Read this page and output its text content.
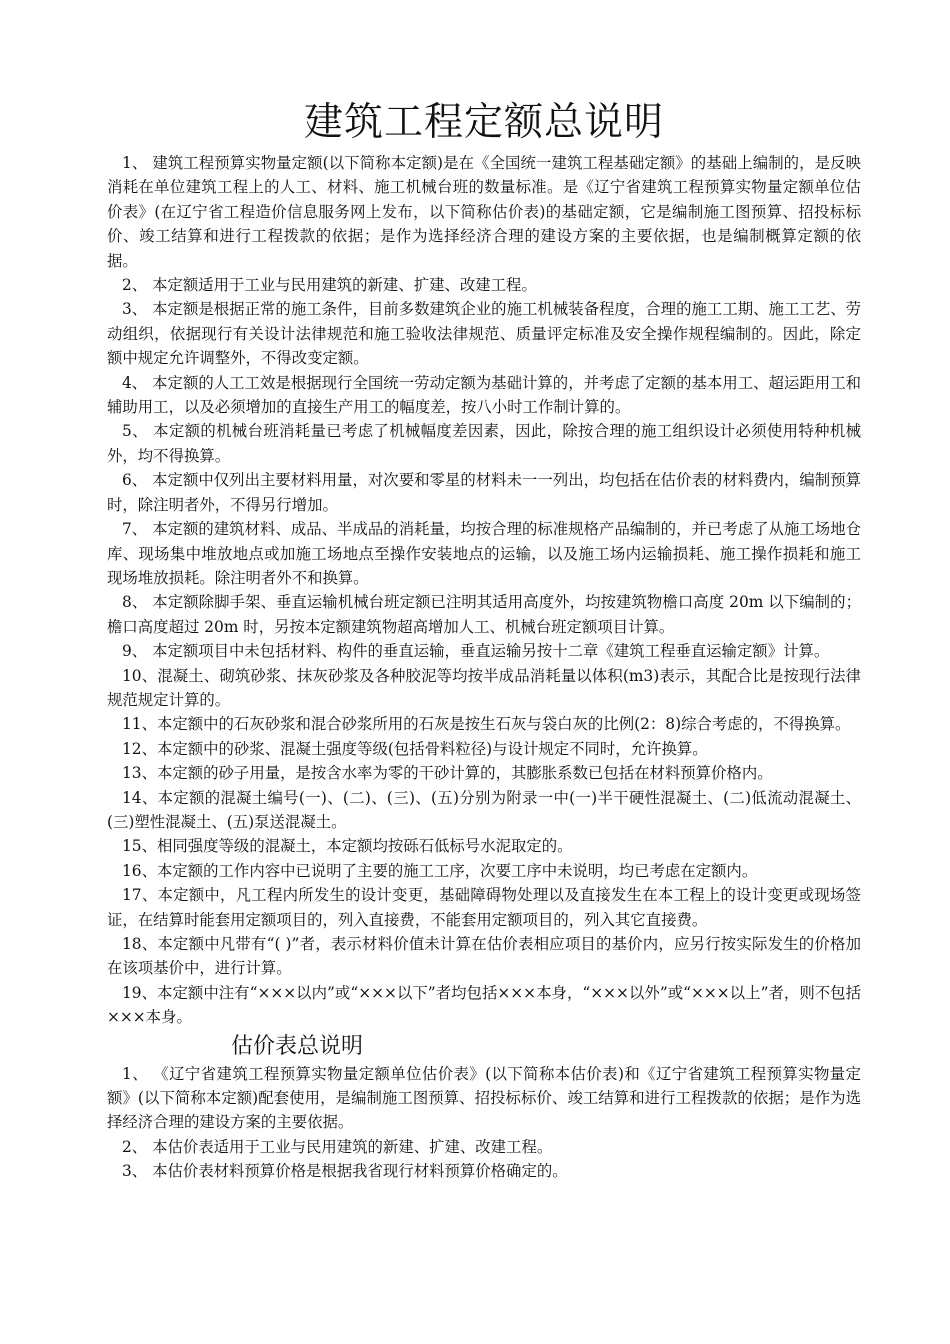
建筑工程定额总说明

1、 建筑工程预算实物量定额(以下简称本定额)是在《全国统一建筑工程基础定额》的基础上编制的，是反映消耗在单位建筑工程上的人工、材料、施工机械台班的数量标准。是《辽宁省建筑工程预算实物量定额单位估价表》(在辽宁省工程造价信息服务网上发布，以下简称估价表)的基础定额，它是编制施工图预算、招投标标价、竣工结算和进行工程拨款的依据；是作为选择经济合理的建设方案的主要依据，也是编制概算定额的依据。

2、 本定额适用于工业与民用建筑的新建、扩建、改建工程。

3、 本定额是根据正常的施工条件，目前多数建筑企业的施工机械装备程度，合理的施工工期、施工工艺、劳动组织，依据现行有关设计法律规范和施工验收法律规范、质量评定标准及安全操作规程编制的。因此，除定额中规定允许调整外，不得改变定额。

4、 本定额的人工工效是根据现行全国统一劳动定额为基础计算的，并考虑了定额的基本用工、超运距用工和辅助用工，以及必须增加的直接生产用工的幅度差，按八小时工作制计算的。

5、 本定额的机械台班消耗量已考虑了机械幅度差因素，因此，除按合理的施工组织设计必须使用特种机械外，均不得换算。

6、 本定额中仅列出主要材料用量，对次要和零星的材料未一一列出，均包括在估价表的材料费内，编制预算时，除注明者外，不得另行增加。

7、 本定额的建筑材料、成品、半成品的消耗量，均按合理的标准规格产品编制的，并已考虑了从施工场地仓库、现场集中堆放地点或加施工场地点至操作安装地点的运输，以及施工场内运输损耗、施工操作损耗和施工现场堆放损耗。除注明者外不和换算。

8、 本定额除脚手架、垂直运输机械台班定额已注明其适用高度外，均按建筑物檐口高度 20m 以下编制的；檐口高度超过 20m 时，另按本定额建筑物超高增加人工、机械台班定额项目计算。

9、 本定额项目中未包括材料、构件的垂直运输，垂直运输另按十二章《建筑工程垂直运输定额》计算。

10、混凝土、砌筑砂浆、抹灰砂浆及各种胶泥等均按半成品消耗量以体积(m3)表示，其配合比是按现行法律规范规定计算的。

11、本定额中的石灰砂浆和混合砂浆所用的石灰是按生石灰与袋白灰的比例(2：8)综合考虑的，不得换算。

12、本定额中的砂浆、混凝土强度等级(包括骨料粒径)与设计规定不同时，允许换算。

13、本定额的砂子用量，是按含水率为零的干砂计算的，其膨胀系数已包括在材料预算价格内。

14、本定额的混凝土编号(一)、(二)、(三)、(五)分别为附录一中(一)半干硬性混凝土、(二)低流动混凝土、(三)塑性混凝土、(五)泵送混凝土。

15、相同强度等级的混凝土，本定额均按砾石低标号水泥取定的。

16、本定额的工作内容中已说明了主要的施工工序，次要工序中未说明，均已考虑在定额内。

17、本定额中，凡工程内所发生的设计变更，基础障碍物处理以及直接发生在本工程上的设计变更或现场签证，在结算时能套用定额项目的，列入直接费，不能套用定额项目的，列入其它直接费。

18、本定额中凡带有“( )”者，表示材料价值未计算在估价表相应项目的基价内，应另行按实际发生的价格加在该项基价中，进行计算。

19、本定额中注有“×××以内”或“×××以下”者均包括×××本身，“×××以外”或“×××以上”者，则不包括×××本身。

估价表总说明

1、 《辽宁省建筑工程预算实物量定额单位估价表》(以下简称本估价表)和《辽宁省建筑工程预算实物量定额》(以下简称本定额)配套使用，是编制施工图预算、招投标标价、竣工结算和进行工程拨款的依据；是作为选择经济合理的建设方案的主要依据。

2、 本估价表适用于工业与民用建筑的新建、扩建、改建工程。

3、 本估价表材料预算价格是根据我省现行材料预算价格确定的。
